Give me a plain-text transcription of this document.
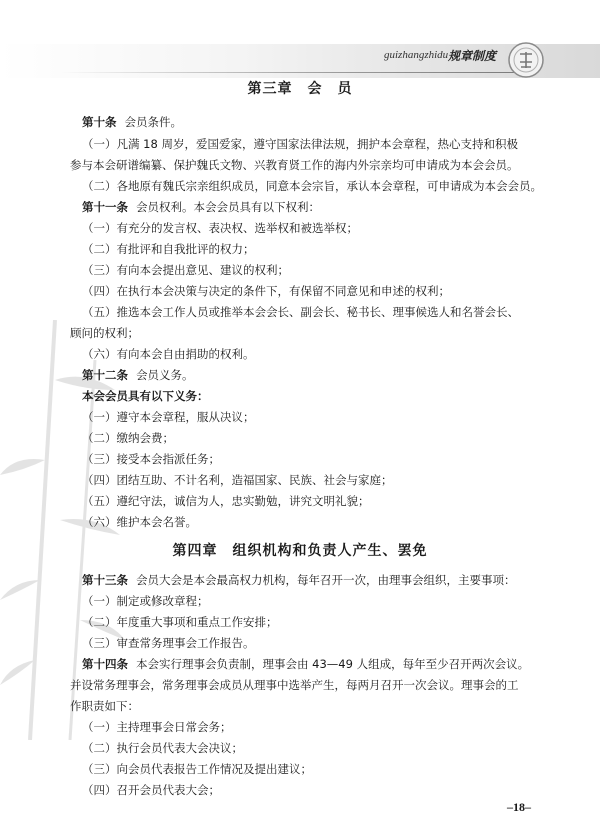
guizhangzhidu 规章制度
第三章　会　员
第十条 会员条件。
（一）凡满 18 周岁，爱国爱家，遵守国家法律法规，拥护本会章程，热心支持和积极
参与本会研谱编纂、保护魏氏文物、兴教育贤工作的海内外宗亲均可申请成为本会会员。
（二）各地原有魏氏宗亲组织成员，同意本会宗旨，承认本会章程，可申请成为本会会员。
第十一条 会员权利。本会会员具有以下权利：
（一）有充分的发言权、表决权、选举权和被选举权；
（二）有批评和自我批评的权力；
（三）有向本会提出意见、建议的权利；
（四）在执行本会决策与决定的条件下，有保留不同意见和申述的权利；
（五）推选本会工作人员或推举本会会长、副会长、秘书长、理事候选人和名誉会长、
顾问的权利；
（六）有向本会自由捐助的权利。
第十二条 会员义务。
本会会员具有以下义务：
（一）遵守本会章程，服从决议；
（二）缴纳会费；
（三）接受本会指派任务；
（四）团结互助、不计名利，造福国家、民族、社会与家庭；
（五）遵纪守法，诚信为人，忠实勤勉，讲究文明礼貌；
（六）维护本会名誉。
第四章　组织机构和负责人产生、罢免
第十三条 会员大会是本会最高权力机构，每年召开一次，由理事会组织，主要事项：
（一）制定或修改章程；
（二）年度重大事项和重点工作安排；
（三）审查常务理事会工作报告。
第十四条 本会实行理事会负责制，理事会由 43—49 人组成，每年至少召开两次会议。
并设常务理事会，常务理事会成员从理事中选举产生，每两月召开一次会议。理事会的工
作职责如下：
（一）主持理事会日常会务；
（二）执行会员代表大会决议；
（三）向会员代表报告工作情况及提出建议；
（四）召开会员代表大会；
–18–
